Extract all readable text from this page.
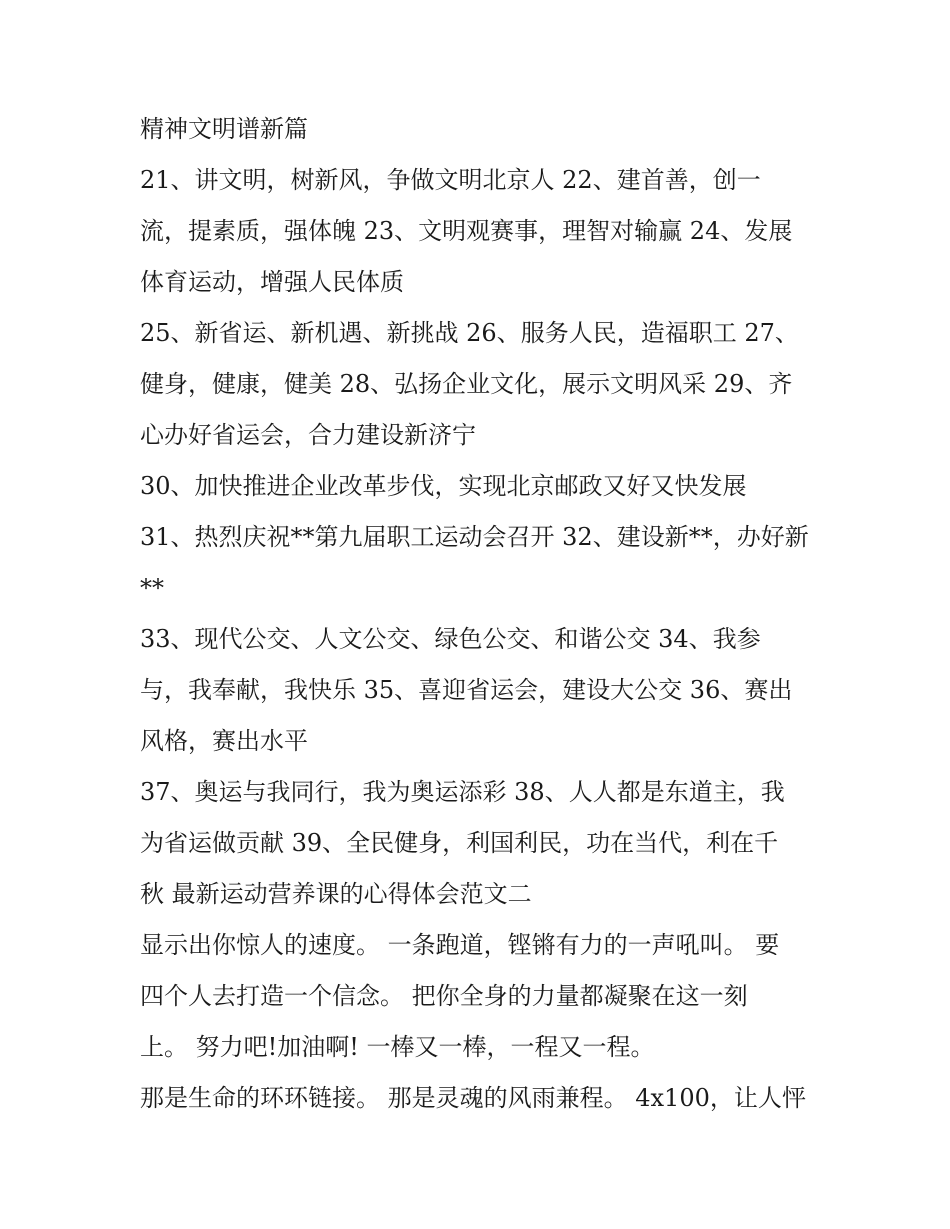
精神文明谱新篇
21、讲文明，树新风，争做文明北京人 22、建首善，创一
流，提素质，强体魄 23、文明观赛事，理智对输赢 24、发展
体育运动，增强人民体质
25、新省运、新机遇、新挑战 26、服务人民，造福职工 27、
健身，健康，健美 28、弘扬企业文化，展示文明风采 29、齐
心办好省运会，合力建设新济宁
30、加快推进企业改革步伐，实现北京邮政又好又快发展
31、热烈庆祝**第九届职工运动会召开 32、建设新**，办好新
**
33、现代公交、人文公交、绿色公交、和谐公交 34、我参
与，我奉献，我快乐 35、喜迎省运会，建设大公交 36、赛出
风格，赛出水平
37、奥运与我同行，我为奥运添彩 38、人人都是东道主，我
为省运做贡献 39、全民健身，利国利民，功在当代，利在千
秋 最新运动营养课的心得体会范文二
显示出你惊人的速度。 一条跑道，铿锵有力的一声吼叫。 要
四个人去打造一个信念。 把你全身的力量都凝聚在这一刻
上。 努力吧!加油啊! 一棒又一棒，一程又一程。
那是生命的环环链接。 那是灵魂的风雨兼程。 4x100，让人怦
